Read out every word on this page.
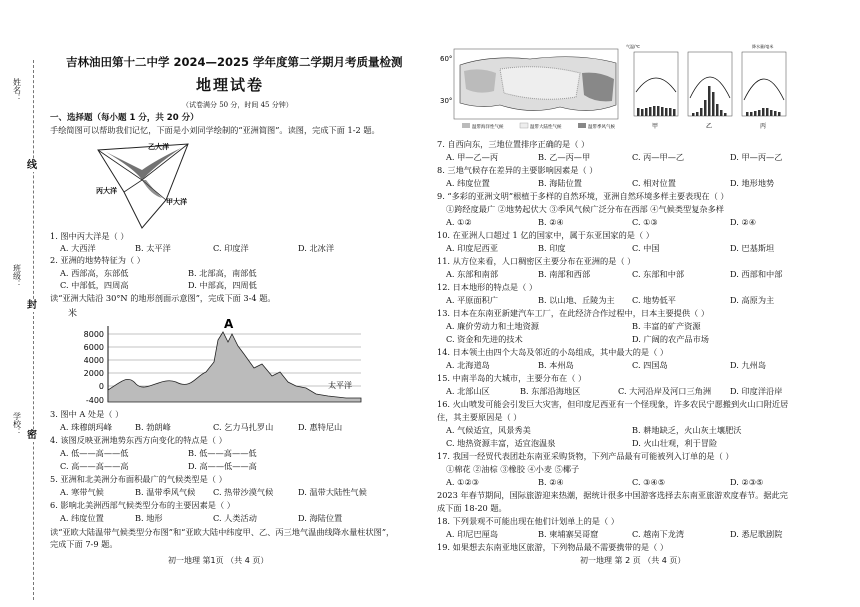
姓名：
班级：
学校：
线
封
密
吉林油田第十二中学 2024—2025 学年度第二学期月考质量检测
地理试卷
（试卷满分 50 分，时间 45 分钟）
一、选择题（每小题 1 分，共 20 分）
手绘简图可以帮助我们记忆，下面是小刘同学绘制的“亚洲简图”。读图，完成下面 1-2 题。
乙大洋
丙大洋
甲大洋
1. 图中丙大洋是（ ）
A. 大西洋	B. 太平洋	C. 印度洋	D. 北冰洋
2. 亚洲的地势特征为（ ）
A. 西部高，东部低	B. 北部高，南部低
C. 中部低，四周高	D. 中部高，四周低
读“亚洲大陆沿 30°N 的地形剖面示意图”，完成下面 3-4 题。
米
8000
6000
4000
2000
0
-400
A
太平洋
3. 图中 A 处是（ ）
A. 珠穆朗玛峰	B. 勃朗峰	C. 乞力马扎罗山	D. 惠特尼山
4. 该图反映亚洲地势东西方向变化的特点是（ ）
A. 低——高——低	B. 低——高——低
C. 高——高——高	D. 高——低——高
5. 亚洲和北美洲分布面积最广的气候类型是（ ）
A. 寒带气候	B. 温带季风气候 C. 热带沙漠气候	D. 温带大陆性气候
6. 影响北美洲西部气候类型分布的主要因素是（ ）
A. 纬度位置	B. 地形	C. 人类活动	D. 海陆位置
读“亚欧大陆温带气候类型分布图”和“亚欧大陆中纬度甲、乙、丙三地气温曲线降水量柱状图”，
完成下面 7-9 题。
初一地理 第1页 （共 4 页）
60°
30°
温带海洋性气候	温带大陆性气候	温带季风气候
气温/℃
甲	乙
降水量/毫米
丙
7. 自西向东，三地位置排序正确的是（ ）
A. 甲—乙—丙	B. 乙—丙—甲	C. 丙—甲—乙	D. 甲—丙—乙
8. 三地气候存在差异的主要影响因素是（ ）
A. 纬度位置	B. 海陆位置	C. 相对位置	D. 地形地势
9. “多彩的亚洲文明”根植于多样的自然环境，亚洲自然环境多样主要表现在（ ）
①跨经度最广 ②地势起伏大 ③季风气候广泛分布在西部 ④气候类型复杂多样
A. ①②	B. ②④	C. ①③	D. ②④
10. 在亚洲人口超过 1 亿的国家中，属于东亚国家的是（ ）
A. 印度尼西亚	B. 印度	C. 中国	D. 巴基斯坦
11. 从方位来看，人口稠密区主要分布在亚洲的是（ ）
A. 东部和南部	B. 南部和西部	C. 东部和中部	D. 西部和中部
12. 日本地形的特点是（ ）
A. 平原面积广	B. 以山地、丘陵为主 C. 地势低平	D. 高原为主
13. 日本在东南亚新建汽车工厂，在此经济合作过程中，日本主要提供（ ）
A. 廉价劳动力和土地资源	B. 丰富的矿产资源
C. 资金和先进的技术	D. 广阔的农产品市场
14. 日本领土由四个大岛及邻近的小岛组成，其中最大的是（ ）
A. 北海道岛	B. 本州岛	C. 四国岛	D. 九州岛
15. 中南半岛的大城市，主要分布在（ ）
A. 北部山区	B. 东部沿海地区	C. 大河沿岸及河口三角洲 D. 印度洋沿岸
16. 火山喷发可能会引发巨大灾害，但印度尼西亚有一个怪现象，许多农民宁愿搬到火山口附近居
住，其主要原因是（ ）
A. 气候适宜，风景秀美	B. 耕地缺乏，火山灰土壤肥沃
C. 地热资源丰富，适宜泡温泉	D. 火山壮观，利于冒险
17. 我国一经贸代表团赴东南亚采购货物，下列产品最有可能被列入订单的是（ ）
①棉花 ②油棕 ③橡胶 ④小麦 ⑤椰子
A. ①②③	B. ②④	C. ③④⑤	D. ②③⑤
2023 年春节期间，国际旅游迎来热潮，据统计很多中国游客选择去东南亚旅游欢度春节。据此完
成下面 18-20 题。
18. 下列景观不可能出现在他们计划单上的是（ ）
A. 印尼巴厘岛	B. 柬埔寨吴哥窟	C. 越南下龙湾	D. 悉尼歌剧院
19. 如果想去东南亚地区旅游，下列物品最不需要携带的是（ ）
初一地理 第 2 页 （共 4 页）
